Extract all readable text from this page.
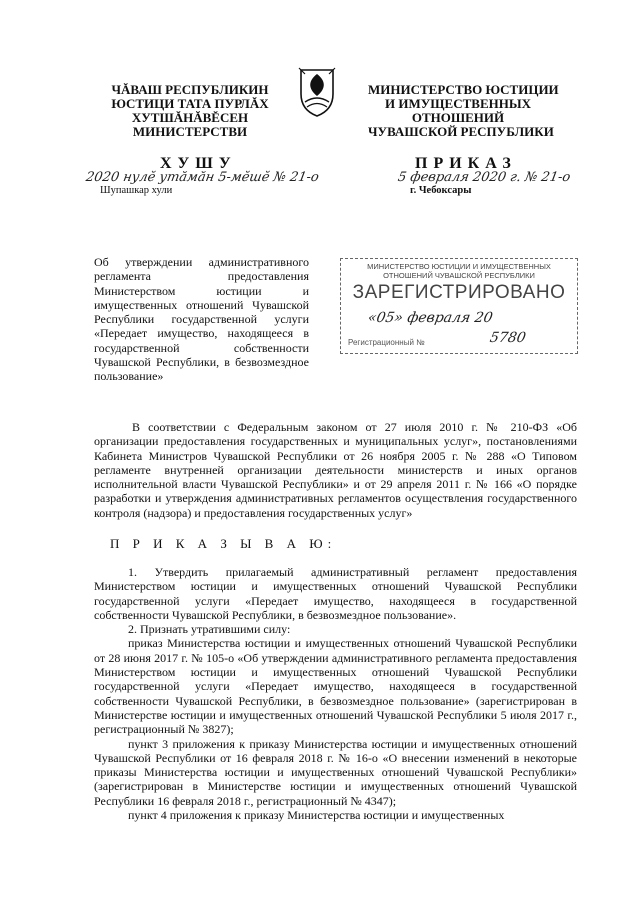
ЧĂВАШ РЕСПУБЛИКИН
ЮСТИЦИ ТАТА ПУРЛĂХ
ХУТШĂНĂВĔСЕН
МИНИСТЕРСТВИ
МИНИСТЕРСТВО ЮСТИЦИИ
И ИМУЩЕСТВЕННЫХ
ОТНОШЕНИЙ
ЧУВАШСКОЙ РЕСПУБЛИКИ
ХУШУ
2020 нулĕ утăмăн 5-мĕшĕ № 21-о
Шупашкар хули
ПРИКАЗ
5 февраля 2020 г. № 21-о
г. Чебоксары
Об утверждении административного регламента предоставления Министерством юстиции и имущественных отношений Чувашской Республики государственной услуги «Передает имущество, находящееся в государственной собственности Чувашской Республики, в безвозмездное пользование»
МИНИСТЕРСТВО ЮСТИЦИИ И ИМУЩЕСТВЕННЫХ ОТНОШЕНИЙ ЧУВАШСКОЙ РЕСПУБЛИКИ
ЗАРЕГИСТРИРОВАНО
«05» февраля 20
Регистрационный №	5780

В соответствии с Федеральным законом от 27 июля 2010 г. № 210-ФЗ «Об организации предоставления государственных и муниципальных услуг», постановлениями Кабинета Министров Чувашской Республики от 26 ноября 2005 г. № 288 «О Типовом регламенте внутренней организации деятельности министерств и иных органов исполнительной власти Чувашской Республики» и от 29 апреля 2011 г. № 166 «О порядке разработки и утверждения административных регламентов осуществления государственного контроля (надзора) и предоставления государственных услуг»

П Р И К А З Ы В А Ю:

1. Утвердить прилагаемый административный регламент предоставления Министерством юстиции и имущественных отношений Чувашской Республики государственной услуги «Передает имущество, находящееся в государственной собственности Чувашской Республики, в безвозмездное пользование».

2. Признать утратившими силу:

приказ Министерства юстиции и имущественных отношений Чувашской Республики от 28 июня 2017 г. № 105-о «Об утверждении административного регламента предоставления Министерством юстиции и имущественных отношений Чувашской Республики государственной услуги «Передает имущество, находящееся в государственной собственности Чувашской Республики, в безвозмездное пользование» (зарегистрирован в Министерстве юстиции и имущественных отношений Чувашской Республики 5 июля 2017 г., регистрационный № 3827);

пункт 3 приложения к приказу Министерства юстиции и имущественных отношений Чувашской Республики от 16 февраля 2018 г. № 16-о «О внесении изменений в некоторые приказы Министерства юстиции и имущественных отношений Чувашской Республики» (зарегистрирован в Министерстве юстиции и имущественных отношений Чувашской Республики 16 февраля 2018 г., регистрационный № 4347);

пункт 4 приложения к приказу Министерства юстиции и имущественных
